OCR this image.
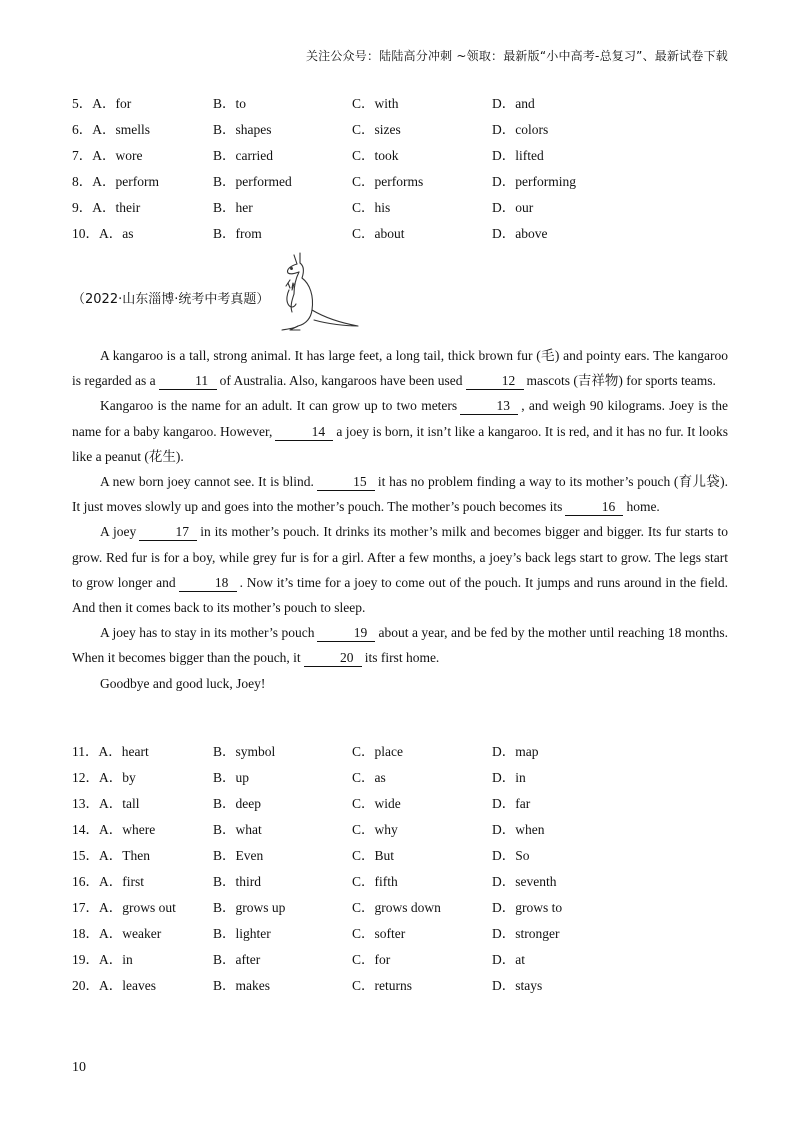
关注公众号：陆陆高分冲刺 ~领取：最新版“小中高考-总复习”、最新试卷下载
5．A．for	B．to	C．with	D．and
6．A．smells	B．shapes	C．sizes	D．colors
7．A．wore	B．carried	C．took	D．lifted
8．A．perform	B．performed	C．performs	D．performing
9．A．their	B．her	C．his	D．our
10．A．as	B．from	C．about	D．above
（2022·山东淄博·统考中考真题）

A kangaroo is a tall, strong animal. It has large feet, a long tail, thick brown fur (毛) and pointy ears. The kangaroo is regarded as a	11 of Australia. Also, kangaroos have been used	12 mascots (吉祥物) for sports teams.

Kangaroo is the name for an adult. It can grow up to two meters	13 , and weigh 90 kilograms. Joey is the name for a baby kangaroo. However,	14 a joey is born, it isn’t like a kangaroo. It is red, and it has no fur. It looks like a peanut (花生).

A new born joey cannot see. It is blind.	15 it has no problem finding a way to its mother’s pouch (育儿袋). It just moves slowly up and goes into the mother’s pouch. The mother’s pouch becomes its	16 home.

A joey	17 in its mother’s pouch. It drinks its mother’s milk and becomes bigger and bigger. Its fur starts to grow. Red fur is for a boy, while grey fur is for a girl. After a few months, a joey’s back legs start to grow. The legs start to grow longer and	18 . Now it’s time for a joey to come out of the pouch. It jumps and runs around in the field. And then it comes back to its mother’s pouch to sleep.

A joey has to stay in its mother’s pouch	19 about a year, and be fed by the mother until reaching 18 months. When it becomes bigger than the pouch, it	20 its first home.

Goodbye and good luck, Joey!

11．A．heart	B．symbol	C．place	D．map
12．A．by	B．up	C．as	D．in
13．A．tall	B．deep	C．wide	D．far
14．A．where	B．what	C．why	D．when
15．A．Then	B．Even	C．But	D．So
16．A．first	B．third	C．fifth	D．seventh
17．A．grows out	B．grows up	C．grows down	D．grows to
18．A．weaker	B．lighter	C．softer	D．stronger
19．A．in	B．after	C．for	D．at
20．A．leaves	B．makes	C．returns	D．stays
10
